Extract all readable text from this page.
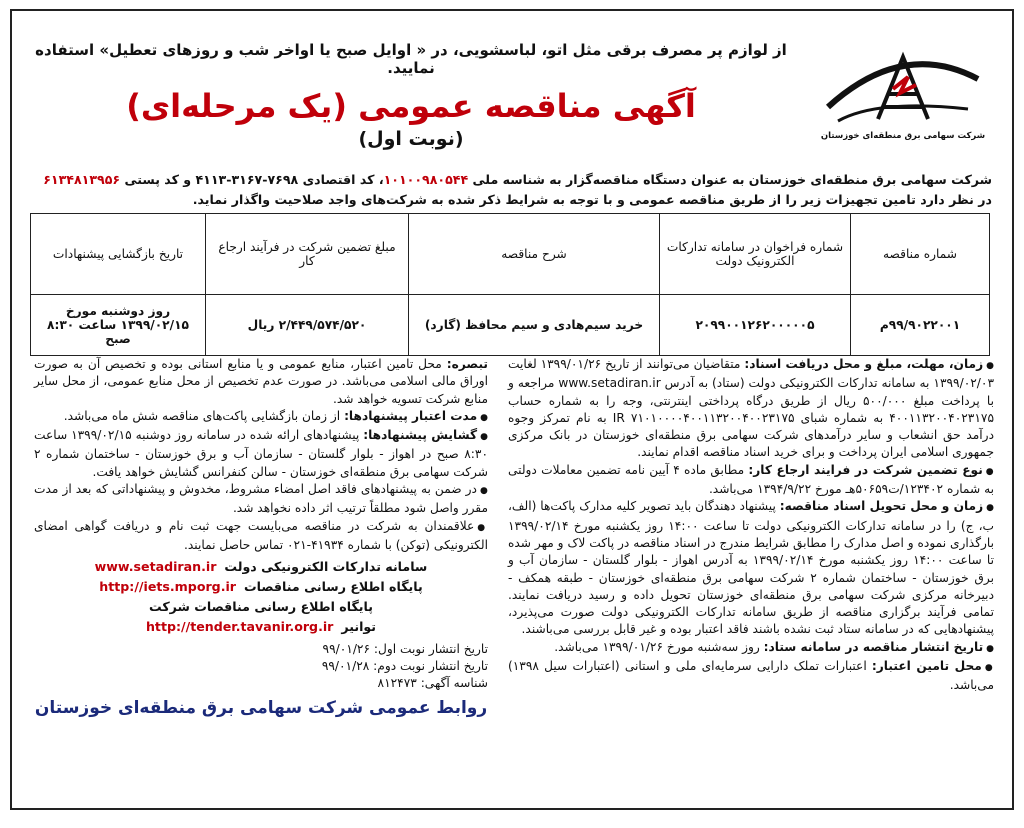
شرکت سهامی برق منطقه‌ای خوزستان
از لوازم پر مصرف برقی مثل اتو، لباسشویی، در « اوایل صبح یا اواخر شب و روزهای تعطیل» استفاده نمایید.
آگهی مناقصه عمومی (یک مرحله‌ای)
(نوبت اول)
شرکت سهامی برق منطقه‌ای خوزستان به عنوان دستگاه مناقصه‌گزار به شناسه ملی ۱۰۱۰۰۹۸۰۵۴۴، کد اقتصادی ۷۶۹۸-۳۱۶۷-۴۱۱۳ و کد پستی ۶۱۳۴۸۱۳۹۵۶ در نظر دارد تامین تجهیزات زیر را از طریق مناقصه عمومی و با توجه به شرایط ذکر شده به شرکت‌های واجد صلاحیت واگذار نماید.
شماره مناقصه	شماره فراخوان در سامانه تدارکات الکترونیک دولت	شرح مناقصه	مبلغ تضمین شرکت در فرآیند ارجاع کار	تاریخ بازگشایی پیشنهادات
۹۹/۹۰۲۲۰۰۱م	۲۰۹۹۰۰۱۲۶۲۰۰۰۰۰۵	خرید سیم‌هادی و سیم محافظ (گارد)	۲/۴۴۹/۵۷۴/۵۲۰ ریال	روز دوشنبه مورخ ۱۳۹۹/۰۲/۱۵ ساعت ۸:۳۰ صبح

● زمان، مهلت، مبلغ و محل دریافت اسناد: متقاضیان می‌توانند از تاریخ ۱۳۹۹/۰۱/۲۶ لغایت ۱۳۹۹/۰۲/۰۳ به سامانه تدارکات الکترونیکی دولت (ستاد) به آدرس www.setadiran.ir مراجعه و با پرداخت مبلغ ۵۰۰/۰۰۰ ریال از طریق درگاه پرداختی اینترنتی، وجه را به شماره حساب ۴۰۰۱۱۳۲۰۰۴۰۲۳۱۷۵ به شماره شبای IR ۷۱۰۱۰۰۰۰۴۰۰۱۱۳۲۰۰۴۰۰۲۳۱۷۵ به نام تمرکز وجوه درآمد حق انشعاب و سایر درآمدهای شرکت سهامی برق منطقه‌ای خوزستان در بانک مرکزی جمهوری اسلامی ایران پرداخت و برای خرید اسناد مناقصه اقدام نمایند.

● نوع تضمین شرکت در فرایند ارجاع کار: مطابق ماده ۴ آیین نامه تضمین معاملات دولتی به شماره ۱۲۳۴۰۲/ت۵۰۶۵۹هـ مورخ ۱۳۹۴/۹/۲۲ می‌باشد.

● زمان و محل تحویل اسناد مناقصه: پیشنهاد دهندگان باید تصویر کلیه مدارک پاکت‌ها (الف، ب، ج) را در سامانه تدارکات الکترونیکی دولت تا ساعت ۱۴:۰۰ روز یکشنبه مورخ ۱۳۹۹/۰۲/۱۴ بارگذاری نموده و اصل مدارک را مطابق شرایط مندرج در اسناد مناقصه در پاکت لاک و مهر شده تا ساعت ۱۴:۰۰ روز یکشنبه مورخ ۱۳۹۹/۰۲/۱۴ به آدرس اهواز - بلوار گلستان - سازمان آب و برق خوزستان - ساختمان شماره ۲ شرکت سهامی برق منطقه‌ای خوزستان - طبقه همکف - دبیرخانه مرکزی شرکت سهامی برق منطقه‌ای خوزستان تحویل داده و رسید دریافت نمایند. تمامی فرآیند برگزاری مناقصه از طریق سامانه تدارکات الکترونیکی دولت صورت می‌پذیرد، پیشنهادهایی که در سامانه ستاد ثبت نشده باشند فاقد اعتبار بوده و غیر قابل بررسی می‌باشند.

● تاریخ انتشار مناقصه در سامانه ستاد: روز سه‌شنبه مورخ ۱۳۹۹/۰۱/۲۶ می‌باشد.

● محل تامین اعتبار: اعتبارات تملک دارایی سرمایه‌ای ملی و استانی (اعتبارات سیل ۱۳۹۸) می‌باشد.

تبصره: محل تامین اعتبار، منابع عمومی و یا منابع استانی بوده و تخصیص آن به صورت اوراق مالی اسلامی می‌باشد. در صورت عدم تخصیص از محل منابع عمومی، از محل سایر منابع شرکت تسویه خواهد شد.

● مدت اعتبار پیشنهادها: از زمان بازگشایی پاکت‌های مناقصه شش ماه می‌باشد.

● گشایش پیشنهادها: پیشنهادهای ارائه شده در سامانه روز دوشنبه ۱۳۹۹/۰۲/۱۵ ساعت ۸:۳۰ صبح در اهواز - بلوار گلستان - سازمان آب و برق خوزستان - ساختمان شماره ۲ شرکت سهامی برق منطقه‌ای خوزستان - سالن کنفرانس گشایش خواهد یافت.

● در ضمن به پیشنهادهای فاقد اصل امضاء مشروط، مخدوش و پیشنهاداتی که بعد از مدت مقرر واصل شود مطلقاً ترتیب اثر داده نخواهد شد.

● علاقمندان به شرکت در مناقصه می‌بایست جهت ثبت نام و دریافت گواهی امضای الکترونیکی (توکن) با شماره ۴۱۹۳۴-۰۲۱ تماس حاصل نمایند.

سامانه تدارکات الکترونیکی دولتwww.setadiran.ir
پایگاه اطلاع رسانی مناقصاتhttp://iets.mporg.ir
پایگاه اطلاع رسانی مناقصات شرکت توانیرhttp://tender.tavanir.org.ir
تاریخ انتشار نوبت اول: ۹۹/۰۱/۲۶
تاریخ انتشار نوبت دوم: ۹۹/۰۱/۲۸
شناسه آگهی: ۸۱۲۴۷۳
روابط عمومی شرکت سهامی برق منطقه‌ای خوزستان
